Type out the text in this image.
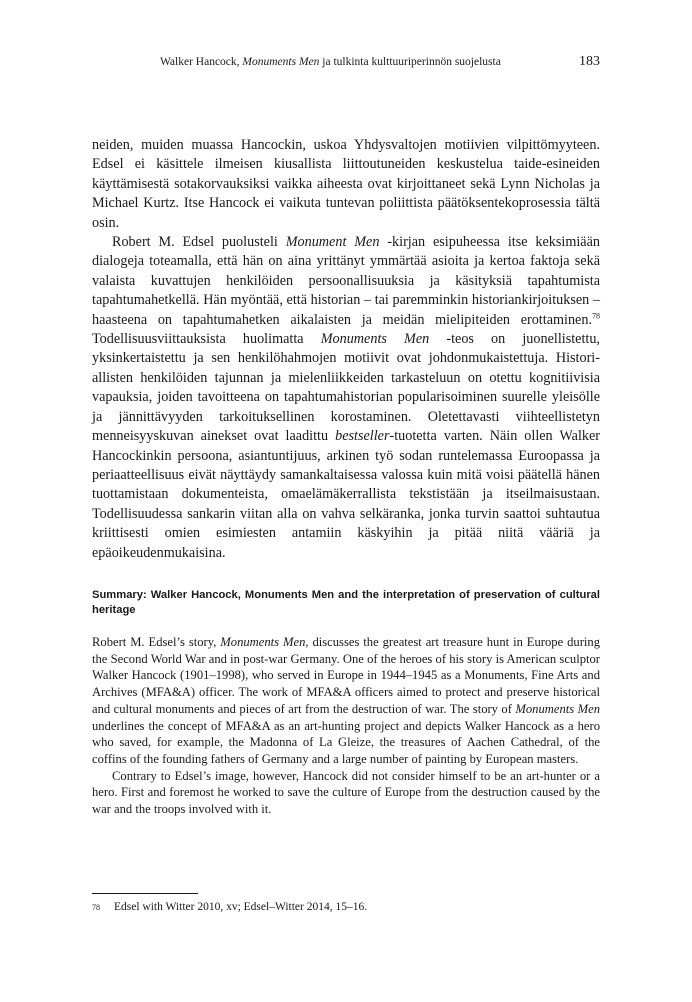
Walker Hancock, Monuments Men ja tulkinta kulttuuriperinnön suojelusta	183

neiden, muiden muassa Hancockin, uskoa Yhdysvaltojen motiivien vilpittömyyteen. Edsel ei käsittele ilmeisen kiusallista liittoutuneiden keskustelua taide-esineiden käyttämisestä sotakorvauksiksi vaikka aiheesta ovat kirjoittaneet sekä Lynn Nicholas ja Michael Kurtz. Itse Hancock ei vaikuta tuntevan poliittista päätöksentekoprosessia tältä osin.

Robert M. Edsel puolusteli Monument Men -kirjan esipuheessa itse keksimiään dialogeja toteamalla, että hän on aina yrittänyt ymmärtää asioita ja kertoa faktoja sekä valaista kuvattujen henkilöiden persoonallisuuksia ja käsityksiä tapahtumista tapahtumahetkellä. Hän myöntää, että historian – tai paremminkin historiankirjoituksen – haasteena on tapahtumahetken aikalaisten ja meidän mielipiteiden erottaminen.$^{78}$ Todellisuusviittauksista huolimatta Monuments Men -teos on juonellistettu, yksinkertaistettu ja sen henkilöhahmojen motiivit ovat johdonmukaistettuja. Historiallisten henkilöiden tajunnan ja mielenliikkeiden tarkasteluun on otettu kognitiivisia vapauksia, joiden tavoitteena on tapahtumahistorian popularisoiminen suurelle yleisölle ja jännittävyyden tarkoituksellinen korostaminen. Oletettavasti viihteellistetyn menneisyyskuvan ainekset ovat laadittu bestseller-tuotetta varten. Näin ollen Walker Hancockinkin persoona, asiantuntijuus, arkinen työ sodan runtelemassa Euroopassa ja periaatteellisuus eivät näyttäydy samankaltaisessa valossa kuin mitä voisi päätellä hänen tuottamistaan dokumenteista, omaelämäkerrallista tekstistään ja itseilmaisustaan. Todellisuudessa sankarin viitan alla on vahva selkäranka, jonka turvin saattoi suhtautua kriittisesti omien esimiesten antamiin käskyihin ja pitää niitä vääriä ja epäoikeudenmukaisina.

Summary: Walker Hancock, Monuments Men and the interpretation of preservation of cultural heritage

Robert M. Edsel’s story, Monuments Men, discusses the greatest art treasure hunt in Europe during the Second World War and in post-war Germany. One of the heroes of his story is American sculptor Walker Hancock (1901–1998), who served in Europe in 1944–1945 as a Monuments, Fine Arts and Archives (MFA&A) officer. The work of MFA&A officers aimed to protect and preserve historical and cultural monuments and pieces of art from the destruction of war. The story of Monuments Men underlines the concept of MFA&A as an art-hunting project and depicts Walker Hancock as a hero who saved, for example, the Madonna of La Gleize, the treasures of Aachen Cathedral, of the coffins of the founding fathers of Germany and a large number of painting by European masters.

Contrary to Edsel’s image, however, Hancock did not consider himself to be an art-hunter or a hero. First and foremost he worked to save the culture of Europe from the destruction caused by the war and the troops involved with it.

78 Edsel with Witter 2010, xv; Edsel–Witter 2014, 15–16.
